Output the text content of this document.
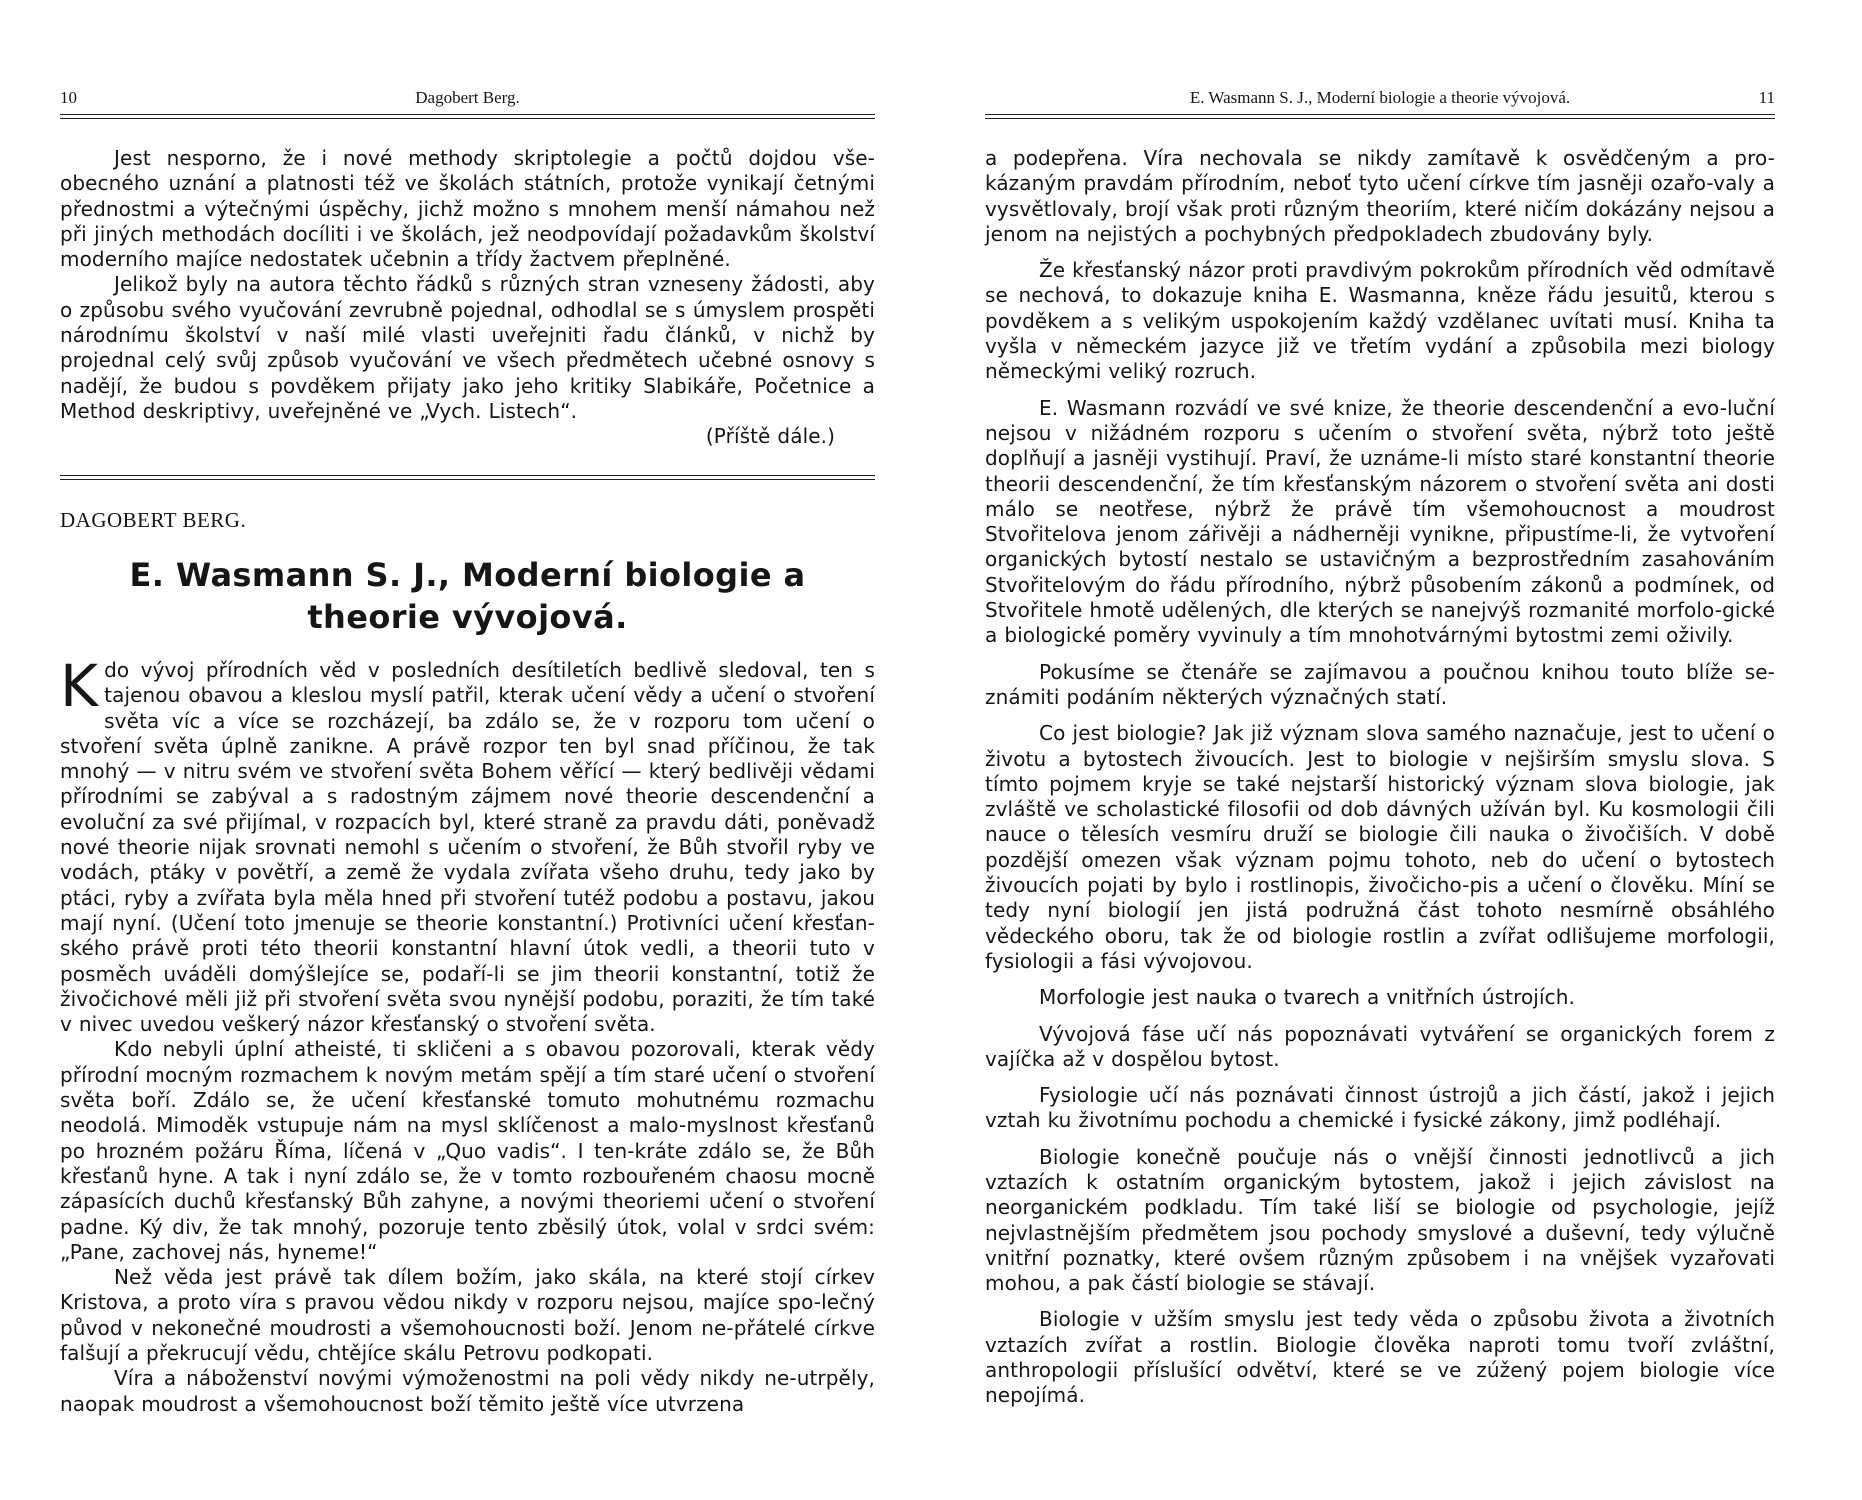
10	Dagobert Berg.

Jest nesporno, že i nové methody skriptolegie a počtů dojdou vše-obecného uznání a platnosti též ve školách státních, protože vynikají četnými přednostmi a výtečnými úspěchy, jichž možno s mnohem menší námahou než při jiných methodách docíliti i ve školách, jež neodpovídají požadavkům školství moderního majíce nedostatek učebnin a třídy žactvem přeplněné.

Jelikož byly na autora těchto řádků s různých stran vzneseny žádosti, aby o způsobu svého vyučování zevrubně pojednal, odhodlal se s úmyslem prospěti národnímu školství v naší milé vlasti uveřejniti řadu článků, v nichž by projednal celý svůj způsob vyučování ve všech předmětech učebné osnovy s nadějí, že budou s povděkem přijaty jako jeho kritiky Slabikáře, Početnice a Method deskriptivy, uveřejněné ve „Vych. Listech“.

(Příště dále.)

DAGOBERT BERG.
E. Wasmann S. J., Moderní biologie a theorie vývojová.

K do vývoj přírodních věd v posledních desítiletích bedlivě sledoval, ten s tajenou obavou a kleslou myslí patřil, kterak učení vědy a učení o stvoření světa víc a více se rozcházejí, ba zdálo se, že v rozporu tom učení o stvoření světa úplně zanikne. A právě rozpor ten byl snad příčinou, že tak mnohý — v nitru svém ve stvoření světa Bohem věřící — který bedlivěji vědami přírodními se zabýval a s radostným zájmem nové theorie descendenční a evoluční za své přijímal, v rozpacích byl, které straně za pravdu dáti, poněvadž nové theorie nijak srovnati nemohl s učením o stvoření, že Bůh stvořil ryby ve vodách, ptáky v povětří, a země že vydala zvířata všeho druhu, tedy jako by ptáci, ryby a zvířata byla měla hned při stvoření tutéž podobu a postavu, jakou mají nyní. (Učení toto jmenuje se theorie konstantní.) Protivníci učení křesťan-ského právě proti této theorii konstantní hlavní útok vedli, a theorii tuto v posměch uváděli domýšlejíce se, podaří-li se jim theorii konstantní, totiž že živočichové měli již při stvoření světa svou nynější podobu, poraziti, že tím také v nivec uvedou veškerý názor křesťanský o stvoření světa.

Kdo nebyli úplní atheisté, ti skličeni a s obavou pozorovali, kterak vědy přírodní mocným rozmachem k novým metám spějí a tím staré učení o stvoření světa boří. Zdálo se, že učení křesťanské tomuto mohutnému rozmachu neodolá. Mimoděk vstupuje nám na mysl sklíčenost a malo-myslnost křesťanů po hrozném požáru Říma, líčená v „Quo vadis“. I ten-kráte zdálo se, že Bůh křesťanů hyne. A tak i nyní zdálo se, že v tomto rozbouřeném chaosu mocně zápasících duchů křesťanský Bůh zahyne, a novými theoriemi učení o stvoření padne. Ký div, že tak mnohý, pozoruje tento zběsilý útok, volal v srdci svém: „Pane, zachovej nás, hyneme!“

Než věda jest právě tak dílem božím, jako skála, na které stojí církev Kristova, a proto víra s pravou vědou nikdy v rozporu nejsou, majíce spo-lečný původ v nekonečné moudrosti a všemohoucnosti boží. Jenom ne-přátelé církve falšují a překrucují vědu, chtějíce skálu Petrovu podkopati.

Víra a náboženství novými výmoženostmi na poli vědy nikdy ne-utrpěly, naopak moudrost a všemohoucnost boží těmito ještě více utvrzena

E. Wasmann S. J., Moderní biologie a theorie vývojová.	11

a podepřena. Víra nechovala se nikdy zamítavě k osvědčeným a pro-kázaným pravdám přírodním, neboť tyto učení církve tím jasněji ozařo-valy a vysvětlovaly, brojí však proti různým theoriím, které ničím dokázány nejsou a jenom na nejistých a pochybných předpokladech zbudovány byly.

Že křesťanský názor proti pravdivým pokrokům přírodních věd odmítavě se nechová, to dokazuje kniha E. Wasmanna, kněze řádu jesuitů, kterou s povděkem a s velikým uspokojením každý vzdělanec uvítati musí. Kniha ta vyšla v německém jazyce již ve třetím vydání a způsobila mezi biology německými veliký rozruch.

E. Wasmann rozvádí ve své knize, že theorie descendenční a evo-luční nejsou v nižádném rozporu s učením o stvoření světa, nýbrž toto ještě doplňují a jasněji vystihují. Praví, že uznáme-li místo staré konstantní theorie theorii descendenční, že tím křesťanským názorem o stvoření světa ani dosti málo se neotřese, nýbrž že právě tím všemohoucnost a moudrost Stvořitelova jenom zářivěji a nádherněji vynikne, připustíme-li, že vytvoření organických bytostí nestalo se ustavičným a bezprostředním zasahováním Stvořitelovým do řádu přírodního, nýbrž působením zákonů a podmínek, od Stvořitele hmotě udělených, dle kterých se nanejvýš rozmanité morfolo-gické a biologické poměry vyvinuly a tím mnohotvárnými bytostmi zemi oživily.

Pokusíme se čtenáře se zajímavou a poučnou knihou touto blíže se-známiti podáním některých význačných statí.

Co jest biologie? Jak již význam slova samého naznačuje, jest to učení o životu a bytostech živoucích. Jest to biologie v nejširším smyslu slova. S tímto pojmem kryje se také nejstarší historický význam slova biologie, jak zvláště ve scholastické filosofii od dob dávných užíván byl. Ku kosmologii čili nauce o tělesích vesmíru druží se biologie čili nauka o živočiších. V době pozdější omezen však význam pojmu tohoto, neb do učení o bytostech živoucích pojati by bylo i rostlinopis, živočicho-pis a učení o člověku. Míní se tedy nyní biologií jen jistá podružná část tohoto nesmírně obsáhlého vědeckého oboru, tak že od biologie rostlin a zvířat odlišujeme morfologii, fysiologii a fási vývojovou.

Morfologie jest nauka o tvarech a vnitřních ústrojích.

Vývojová fáse učí nás popoznávati vytváření se organických forem z vajíčka až v dospělou bytost.

Fysiologie učí nás poznávati činnost ústrojů a jich částí, jakož i jejich vztah ku životnímu pochodu a chemické i fysické zákony, jimž podléhají.

Biologie konečně poučuje nás o vnější činnosti jednotlivců a jich vztazích k ostatním organickým bytostem, jakož i jejich závislost na neorganickém podkladu. Tím také liší se biologie od psychologie, jejíž nejvlastnějším předmětem jsou pochody smyslové a duševní, tedy výlučně vnitřní poznatky, které ovšem různým způsobem i na vnějšek vyzařovati mohou, a pak částí biologie se stávají.

Biologie v užším smyslu jest tedy věda o způsobu života a životních vztazích zvířat a rostlin. Biologie člověka naproti tomu tvoří zvláštní, anthropologii příslušící odvětví, které se ve zúžený pojem biologie více nepojímá.
